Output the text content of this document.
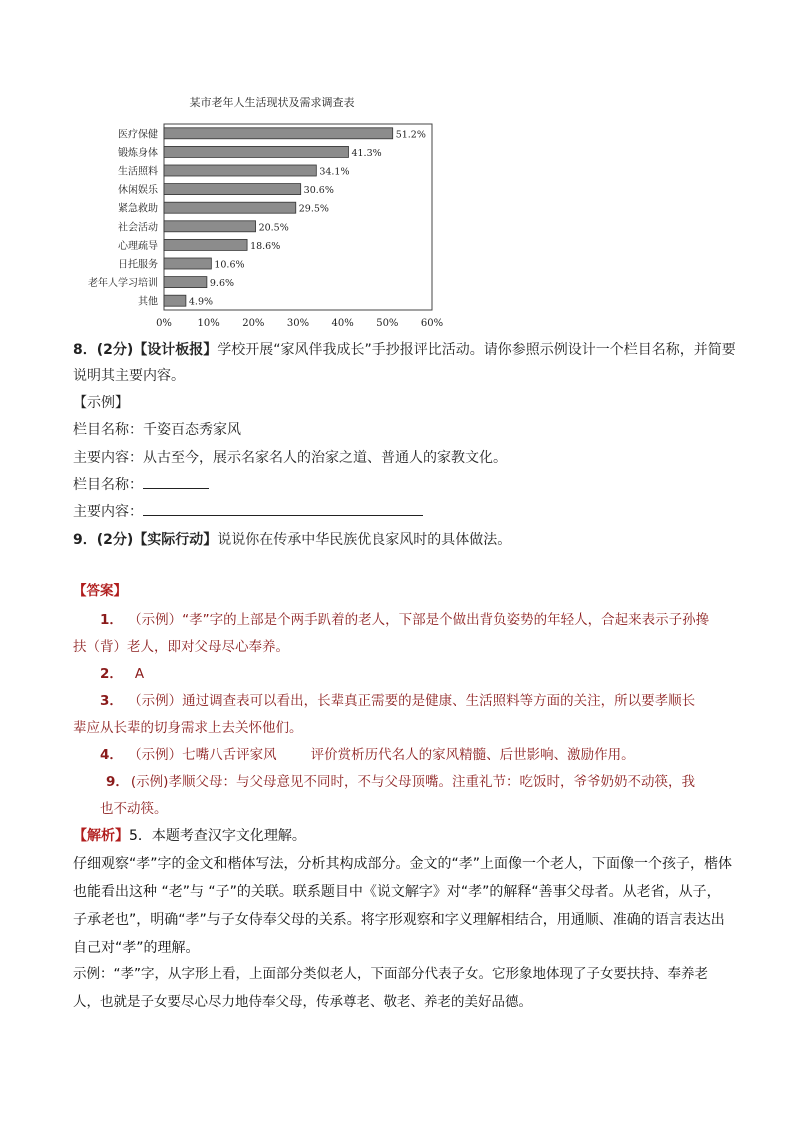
某市老年人生活现状及需求调查表
医疗保健	51.2%
锻炼身体	41.3%
生活照料	34.1%
休闲娱乐	30.6%
紧急救助	29.5%
社会活动	20.5%
心理疏导	18.6%
日托服务	10.6%
老年人学习培训	9.6%
其他	4.9%
0%	10% 20% 30% 40% 50% 60%
8．(2分)【设计板报】学校开展“家风伴我成长”手抄报评比活动。请你参照示例设计一个栏目名称，并简要
说明其主要内容。
【示例】
栏目名称：千姿百态秀家风
主要内容：从古至今，展示名家名人的治家之道、普通人的家教文化。
栏目名称：
主要内容：
9．(2分)【实际行动】说说你在传承中华民族优良家风时的具体做法。
【答案】
1． （示例）“孝”字的上部是个两手趴着的老人，下部是个做出背负姿势的年轻人，合起来表示子孙搀
扶（背）老人，即对父母尽心奉养。
2． A
3． （示例）通过调查表可以看出，长辈真正需要的是健康、生活照料等方面的关注，所以要孝顺长
辈应从长辈的切身需求上去关怀他们。
4． （示例）七嘴八舌评家风	评价赏析历代名人的家风精髓、后世影响、激励作用。
9． (示例)孝顺父母：与父母意见不同时，不与父母顶嘴。注重礼节：吃饭时，爷爷奶奶不动筷，我
也不动筷。
【解析】5．本题考查汉字文化理解。
仔细观察“孝”字的金文和楷体写法，分析其构成部分。金文的“孝”上面像一个老人，下面像一个孩子，楷体也能看出这种 “老”与 “子”的关联。联系题目中《说文解字》对“孝”的解释“善事父母者。从老省，从子，子承老也”，明确“孝”与子女侍奉父母的关系。将字形观察和字义理解相结合，用通顺、准确的语言表达出自己对“孝”的理解。
示例：“孝”字，从字形上看，上面部分类似老人，下面部分代表子女。它形象地体现了子女要扶持、奉养老人，也就是子女要尽心尽力地侍奉父母，传承尊老、敬老、养老的美好品德。
